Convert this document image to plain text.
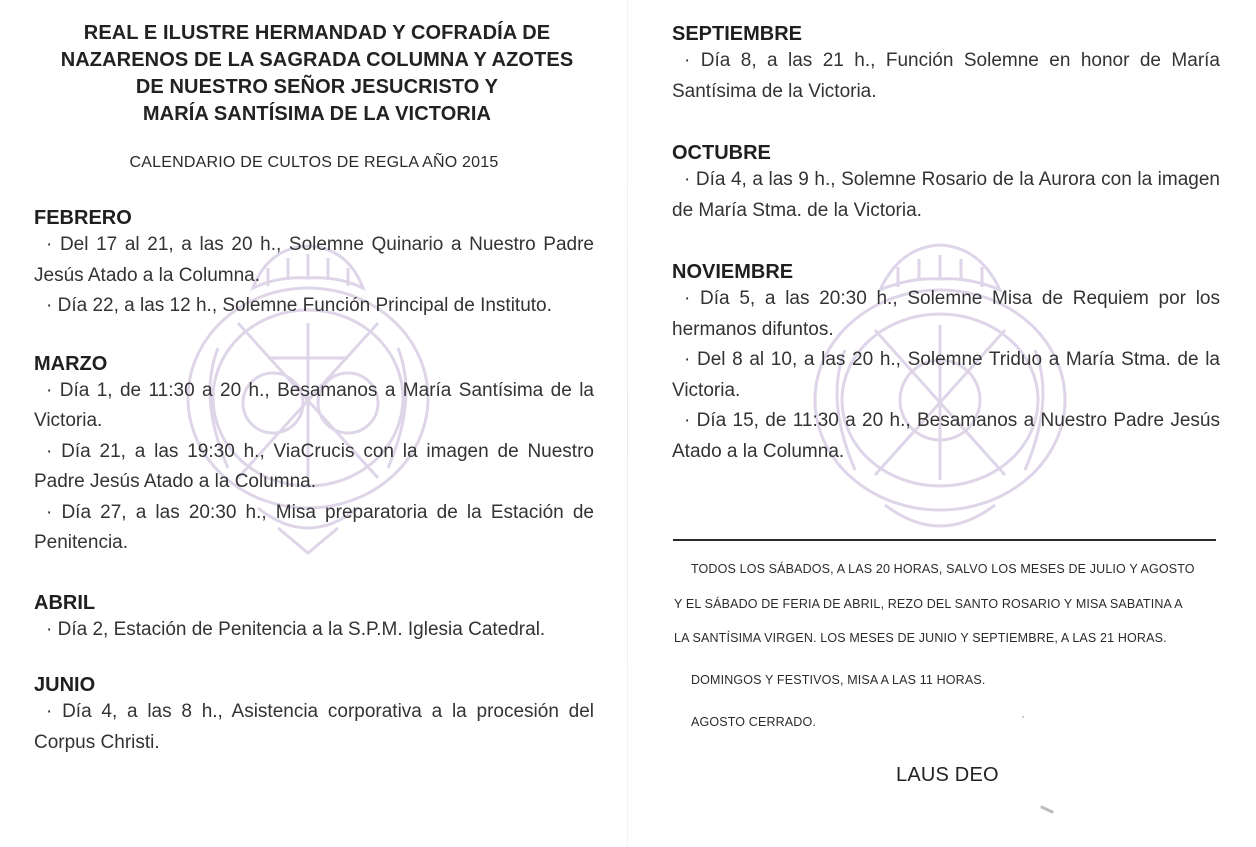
REAL E ILUSTRE HERMANDAD Y COFRADÍA DE
NAZARENOS DE LA SAGRADA COLUMNA Y AZOTES
DE NUESTRO SEÑOR JESUCRISTO Y
MARÍA SANTÍSIMA DE LA VICTORIA
CALENDARIO DE CULTOS DE REGLA AÑO 2015
FEBRERO
· Del 17 al 21, a las 20 h., Solemne Quinario a Nuestro Padre Jesús Atado a la Columna.
· Día 22, a las 12 h., Solemne Función Principal de Instituto.
MARZO
· Día 1, de 11:30 a 20 h., Besamanos a María Santísima de la Victoria.
· Día 21, a las 19:30 h., ViaCrucis con la imagen de Nuestro Padre Jesús Atado a la Columna.
· Día 27, a las 20:30 h., Misa preparatoria de la Estación de Penitencia.
ABRIL
· Día 2, Estación de Penitencia a la S.P.M. Iglesia Catedral.
JUNIO
· Día 4, a las 8 h., Asistencia corporativa a la procesión del Corpus Christi.
SEPTIEMBRE
· Día 8, a las 21 h., Función Solemne en honor de María Santísima de la Victoria.
OCTUBRE
· Día 4, a las 9 h., Solemne Rosario de la Aurora con la imagen de María Stma. de la Victoria.
NOVIEMBRE
· Día 5, a las 20:30 h., Solemne Misa de Requiem por los hermanos difuntos.
· Del 8 al 10, a las 20 h., Solemne Triduo a María Stma. de la Victoria.
· Día 15, de 11:30 a 20 h., Besamanos a Nuestro Padre Jesús Atado a la Columna.
TODOS LOS SÁBADOS, A LAS 20 HORAS, SALVO LOS MESES DE JULIO Y AGOSTO
Y EL SÁBADO DE FERIA DE ABRIL, REZO DEL SANTO ROSARIO Y MISA SABATINA A
LA SANTÍSIMA VIRGEN. LOS MESES DE JUNIO Y SEPTIEMBRE, A LAS 21 HORAS.
DOMINGOS Y FESTIVOS, MISA A LAS 11 HORAS.
AGOSTO CERRADO.
LAUS DEO
